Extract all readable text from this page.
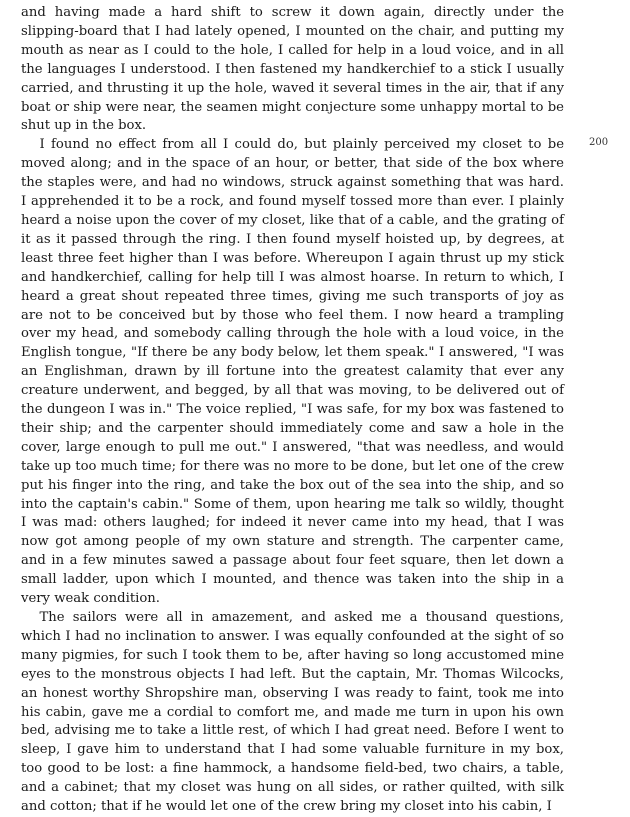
and having made a hard shift to screw it down again, directly under the slipping-board that I had lately opened, I mounted on the chair, and putting my mouth as near as I could to the hole, I called for help in a loud voice, and in all the languages I understood. I then fastened my handkerchief to a stick I usually carried, and thrusting it up the hole, waved it several times in the air, that if any boat or ship were near, the seamen might conjecture some unhappy mortal to be shut up in the box.

I found no effect from all I could do, but plainly perceived my closet to be moved along; and in the space of an hour, or better, that side of the box where the staples were, and had no windows, struck against something that was hard. I apprehended it to be a rock, and found myself tossed more than ever. I plainly heard a noise upon the cover of my closet, like that of a cable, and the grating of it as it passed through the ring. I then found myself hoisted up, by degrees, at least three feet higher than I was before. Whereupon I again thrust up my stick and handkerchief, calling for help till I was almost hoarse. In return to which, I heard a great shout repeated three times, giving me such transports of joy as are not to be conceived but by those who feel them. I now heard a trampling over my head, and somebody calling through the hole with a loud voice, in the English tongue, "If there be any body below, let them speak." I answered, "I was an Englishman, drawn by ill fortune into the greatest calamity that ever any creature underwent, and begged, by all that was moving, to be delivered out of the dungeon I was in." The voice replied, "I was safe, for my box was fastened to their ship; and the carpenter should immediately come and saw a hole in the cover, large enough to pull me out." I answered, "that was needless, and would take up too much time; for there was no more to be done, but let one of the crew put his finger into the ring, and take the box out of the sea into the ship, and so into the captain's cabin." Some of them, upon hearing me talk so wildly, thought I was mad: others laughed; for indeed it never came into my head, that I was now got among people of my own stature and strength. The carpenter came, and in a few minutes sawed a passage about four feet square, then let down a small ladder, upon which I mounted, and thence was taken into the ship in a very weak condition.

The sailors were all in amazement, and asked me a thousand questions, which I had no inclination to answer. I was equally confounded at the sight of so many pigmies, for such I took them to be, after having so long accustomed mine eyes to the monstrous objects I had left. But the captain, Mr. Thomas Wilcocks, an honest worthy Shropshire man, observing I was ready to faint, took me into his cabin, gave me a cordial to comfort me, and made me turn in upon his own bed, advising me to take a little rest, of which I had great need. Before I went to sleep, I gave him to understand that I had some valuable furniture in my box, too good to be lost: a fine hammock, a handsome field-bed, two chairs, a table, and a cabinet; that my closet was hung on all sides, or rather quilted, with silk and cotton; that if he would let one of the crew bring my closet into his cabin, I

200
